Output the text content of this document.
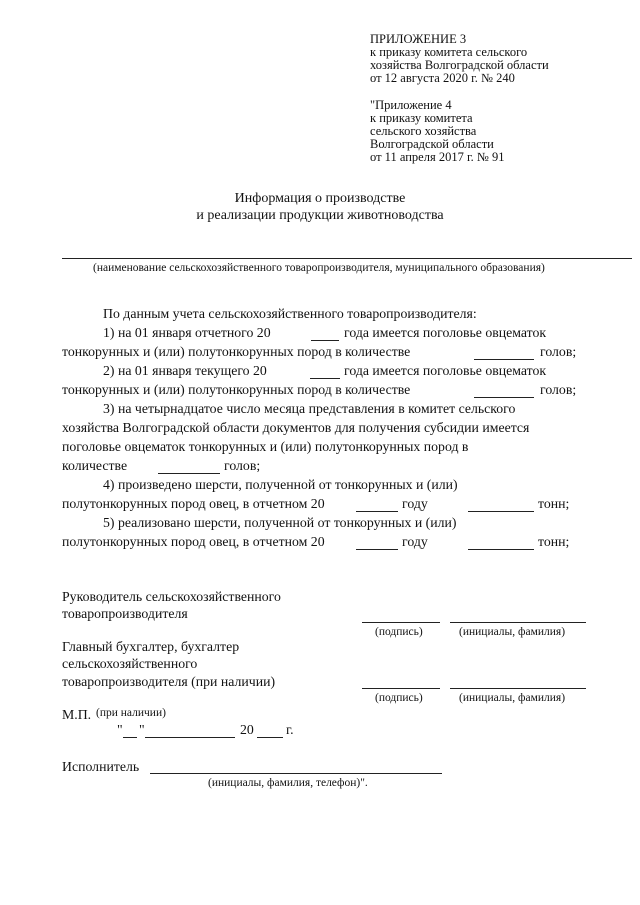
ПРИЛОЖЕНИЕ 3
к приказу комитета сельского
хозяйства Волгоградской области
от 12 августа 2020 г. № 240
"Приложение 4
к приказу комитета
сельского хозяйства
Волгоградской области
от 11 апреля 2017 г. № 91
Информация о производстве
и реализации продукции животноводства
(наименование сельскохозяйственного товаропроизводителя, муниципального образования)
По данным учета сельскохозяйственного товаропроизводителя:
1) на 01 января отчетного 20	года имеется поголовье овцематок
тонкорунных и (или) полутонкорунных пород в количестве	голов;
2) на 01 января текущего 20	года имеется поголовье овцематок
тонкорунных и (или) полутонкорунных пород в количестве	голов;
3) на четырнадцатое число месяца представления в комитет сельского
хозяйства Волгоградской области документов для получения субсидии имеется
поголовье овцематок тонкорунных и (или) полутонкорунных пород в
количестве	голов;
4) произведено шерсти, полученной от тонкорунных и (или)
полутонкорунных пород овец, в отчетном 20	году	тонн;
5) реализовано шерсти, полученной от тонкорунных и (или)
полутонкорунных пород овец, в отчетном 20	году	тонн;
Руководитель сельскохозяйственного
товаропроизводителя
(подпись)	(инициалы, фамилия)
Главный бухгалтер, бухгалтер
сельскохозяйственного
товаропроизводителя (при наличии)
(подпись)	(инициалы, фамилия)
М.П. (при наличии)
" "	20 г.
Исполнитель
(инициалы, фамилия, телефон)".
